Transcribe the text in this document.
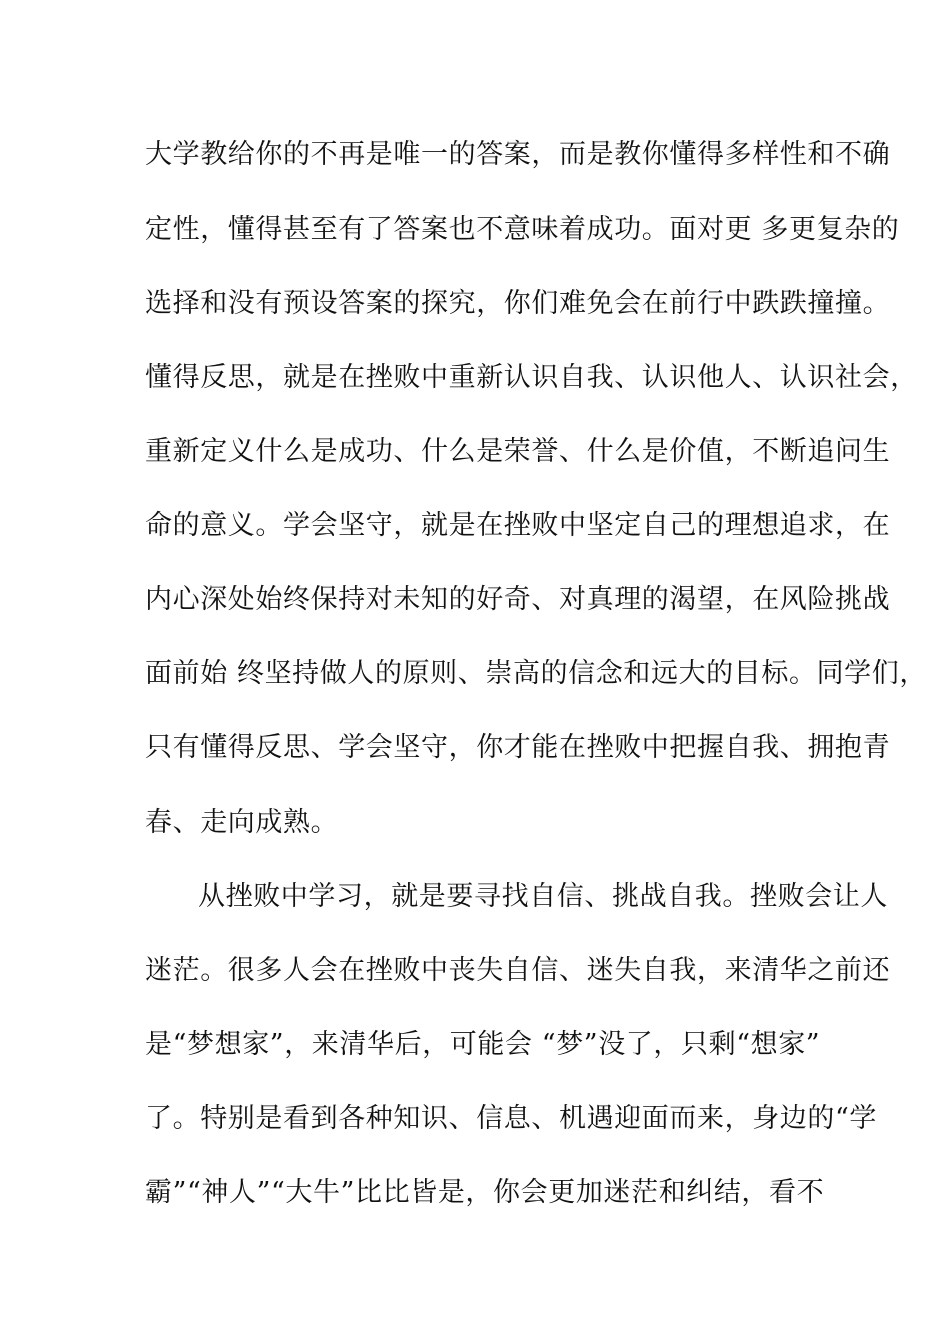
大学教给你的不再是唯一的答案，而是教你懂得多样性和不确
定性，懂得甚至有了答案也不意味着成功。面对更 多更复杂的
选择和没有预设答案的探究，你们难免会在前行中跌跌撞撞。
懂得反思，就是在挫败中重新认识自我、认识他人、认识社会，
重新定义什么是成功、什么是荣誉、什么是价值，不断追问生
命的意义。学会坚守，就是在挫败中坚定自己的理想追求，在
内心深处始终保持对未知的好奇、对真理的渴望，在风险挑战
面前始 终坚持做人的原则、崇高的信念和远大的目标。同学们，
只有懂得反思、学会坚守，你才能在挫败中把握自我、拥抱青
春、走向成熟。
从挫败中学习，就是要寻找自信、挑战自我。挫败会让人
迷茫。很多人会在挫败中丧失自信、迷失自我，来清华之前还
是“梦想家”，来清华后，可能会 “梦”没了，只剩“想家”
了。特别是看到各种知识、信息、机遇迎面而来，身边的“学
霸”“神人”“大牛”比比皆是，你会更加迷茫和纠结，看不
